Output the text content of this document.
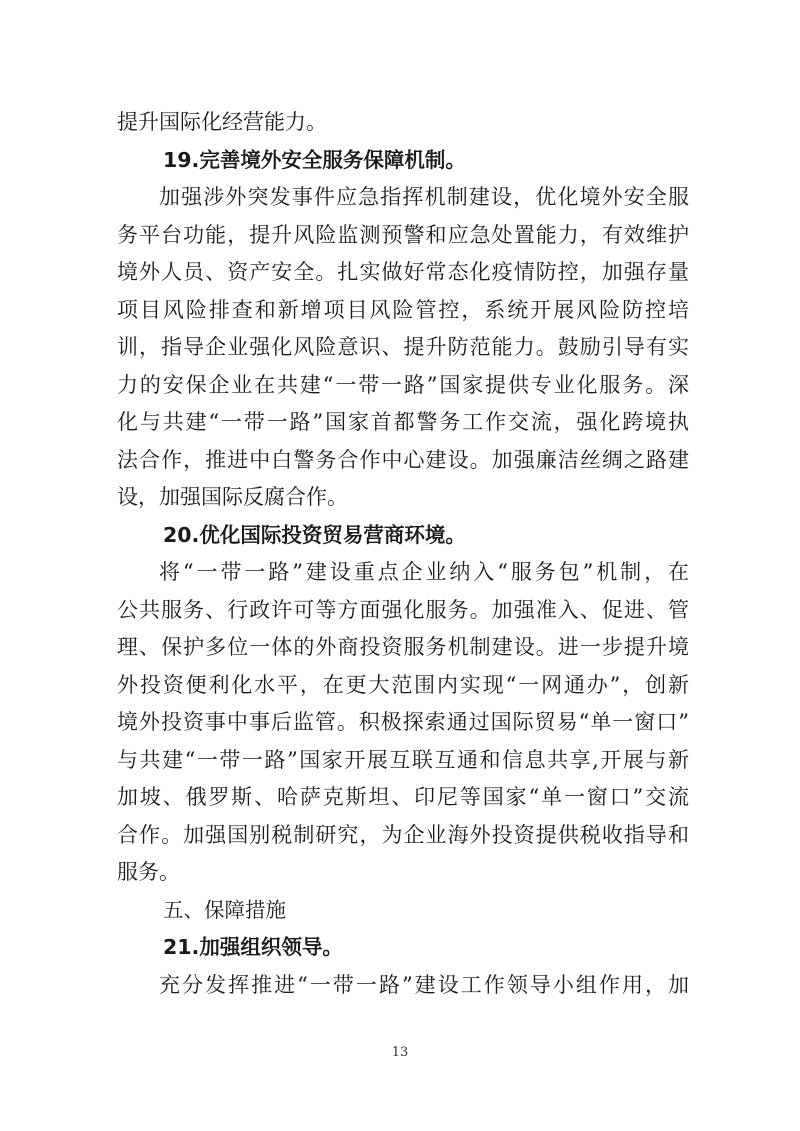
提升国际化经营能力。
19.完善境外安全服务保障机制。
加强涉外突发事件应急指挥机制建设，优化境外安全服
务平台功能，提升风险监测预警和应急处置能力，有效维护
境外人员、资产安全。扎实做好常态化疫情防控，加强存量
项目风险排查和新增项目风险管控，系统开展风险防控培
训，指导企业强化风险意识、提升防范能力。鼓励引导有实
力的安保企业在共建“一带一路”国家提供专业化服务。深
化与共建“一带一路”国家首都警务工作交流，强化跨境执
法合作，推进中白警务合作中心建设。加强廉洁丝绸之路建
设，加强国际反腐合作。
20.优化国际投资贸易营商环境。
将“一带一路”建设重点企业纳入“服务包”机制，在
公共服务、行政许可等方面强化服务。加强准入、促进、管
理、保护多位一体的外商投资服务机制建设。进一步提升境
外投资便利化水平，在更大范围内实现“一网通办”，创新
境外投资事中事后监管。积极探索通过国际贸易“单一窗口”
与共建“一带一路”国家开展互联互通和信息共享,开展与新
加坡、俄罗斯、哈萨克斯坦、印尼等国家“单一窗口”交流
合作。加强国别税制研究，为企业海外投资提供税收指导和
服务。
五、保障措施
21.加强组织领导。
充分发挥推进“一带一路”建设工作领导小组作用，加
13
